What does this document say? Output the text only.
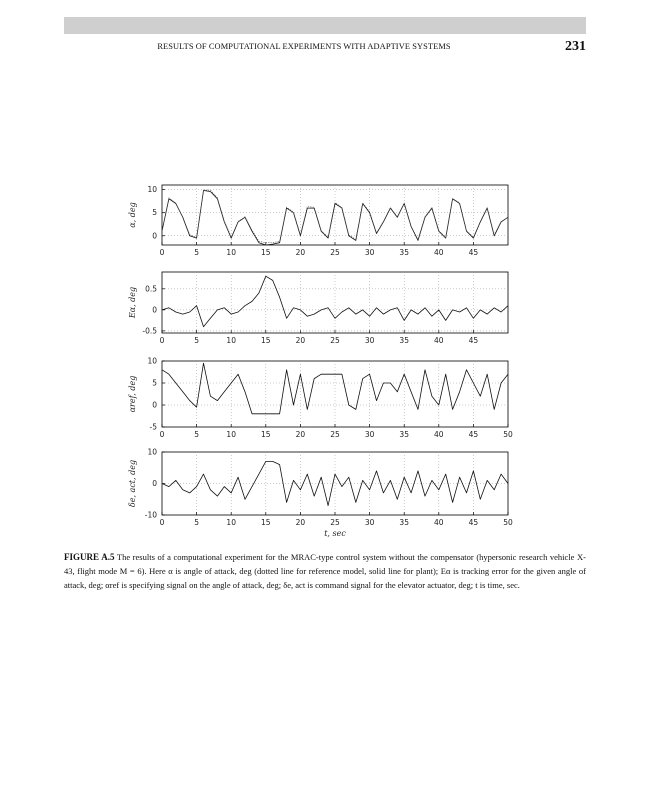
RESULTS OF COMPUTATIONAL EXPERIMENTS WITH ADAPTIVE SYSTEMS	231
0	5	10	15	20	25	30	35	40	45
10
5
0
α, deg
0	5	10	15	20	25	30	35	40	45
0.5
0
-0.5
Eα, deg
0	5	10	15	20	25	30	35	40	45	50
10
5
0
-5
αref, deg
0	5	10	15	20	25	30	35	40	45	50
10
0
-10
δe, act, deg
t, sec
FIGURE A.5 The results of a computational experiment for the MRAC-type control system without the compensator (hypersonic research vehicle X-43, flight mode M = 6). Here α is angle of attack, deg (dotted line for reference model, solid line for plant); Eα is tracking error for the given angle of attack, deg; αref is specifying signal on the angle of attack, deg; δe, act is command signal for the elevator actuator, deg; t is time, sec.
